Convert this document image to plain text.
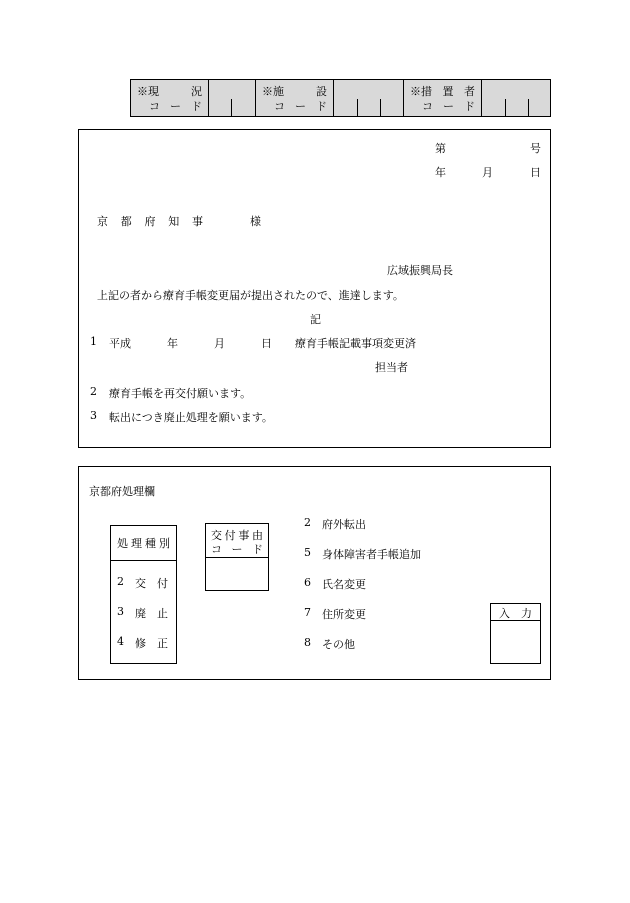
※現	況
コ ー ド
※施	設
コ ー ド
※措 置 者
コ ー ド
第	号
年	月	日
京 都 府 知 事	様
広域振興局長
上記の者から療育手帳変更届が提出されたので、進達します。
記
1 平成	年	月	日 療育手帳記載事項変更済
担当者
2 療育手帳を再交付願います。
3 転出につき廃止処理を願います。
京都府処理欄
処 理 種 別
2 交 付
3 廃 止
4 修 正
交 付 事 由
コ ー ド
2 府外転出
5 身体障害者手帳追加
6 氏名変更
7 住所変更
8 その他
入 力
